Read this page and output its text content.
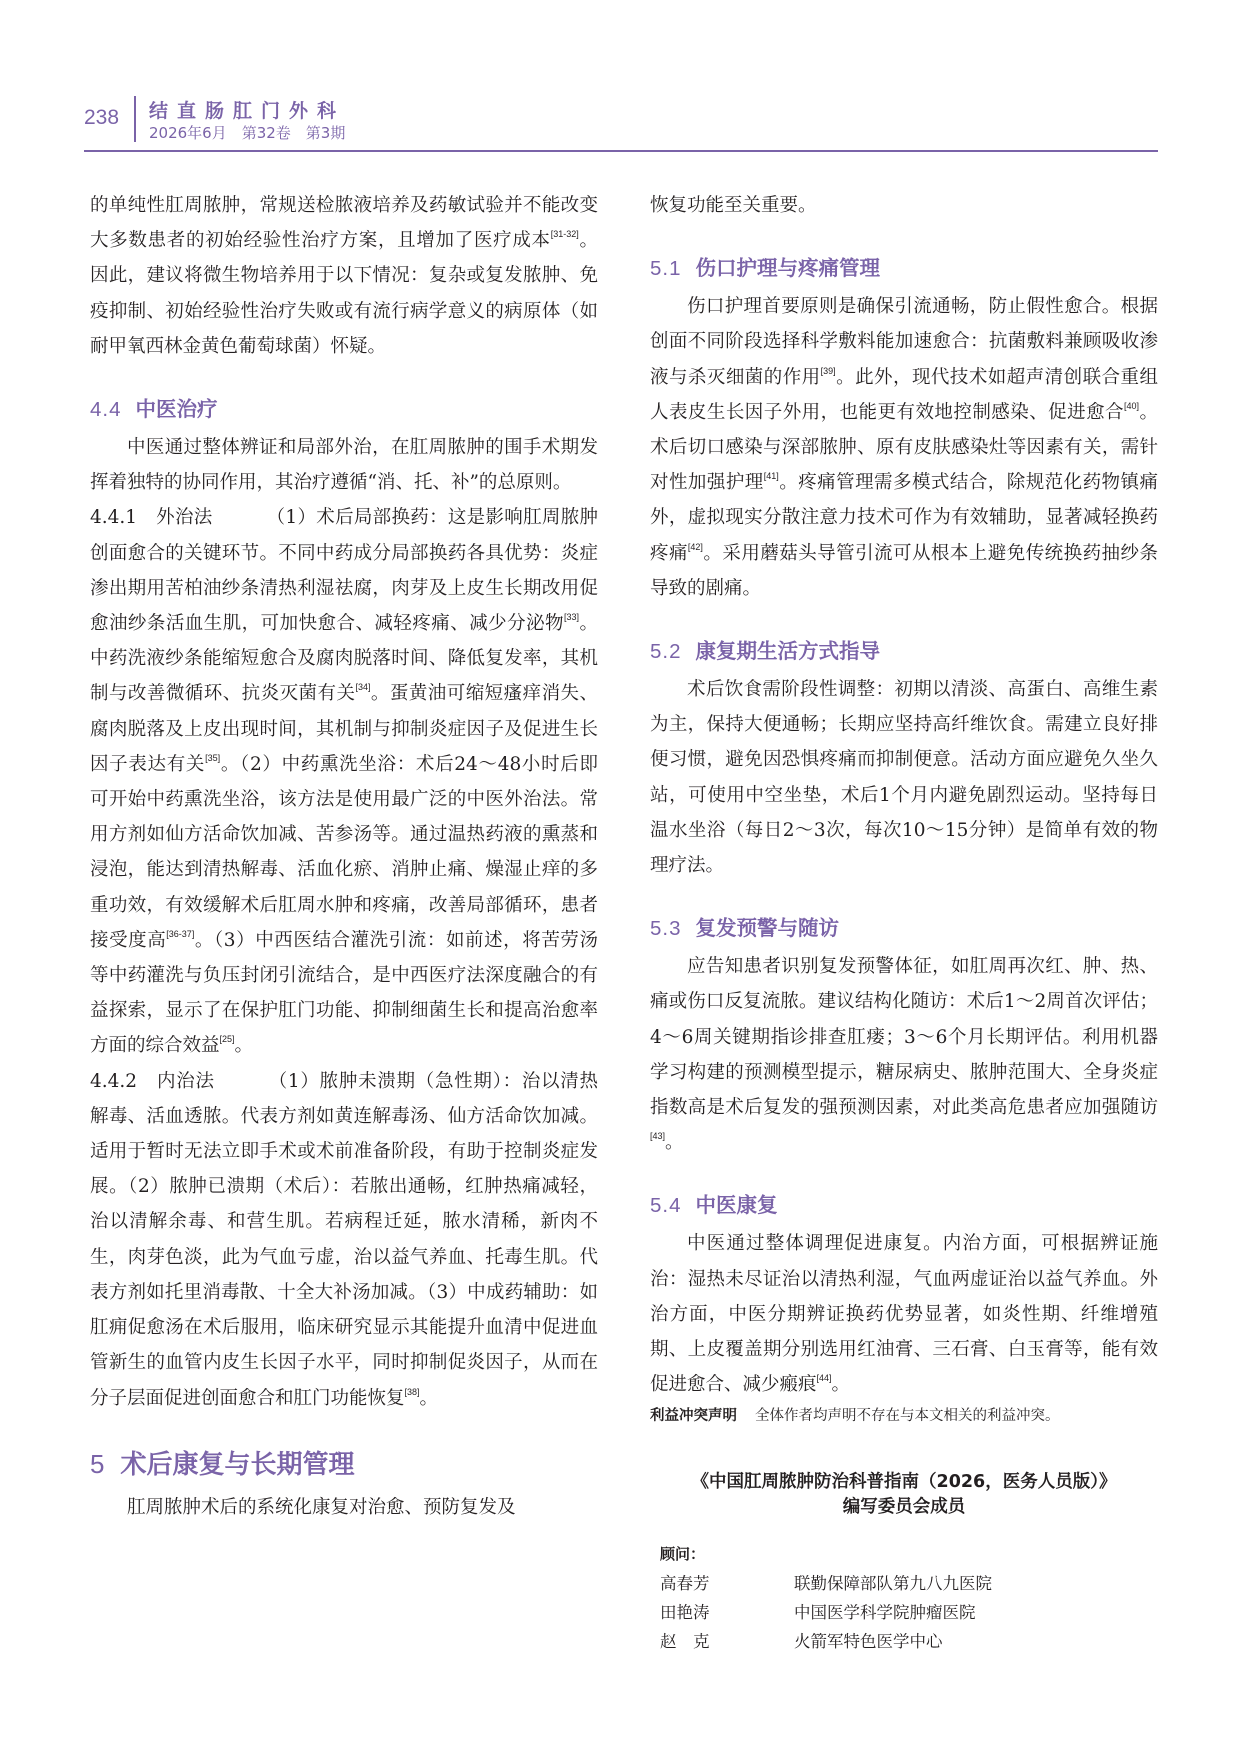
238 结直肠肛门外科
2026年6月　第32卷　第3期

的单纯性肛周脓肿，常规送检脓液培养及药敏试验并不能改变大多数患者的初始经验性治疗方案，且增加了医疗成本[31-32]。因此，建议将微生物培养用于以下情况：复杂或复发脓肿、免疫抑制、初始经验性治疗失败或有流行病学意义的病原体（如耐甲氧西林金黄色葡萄球菌）怀疑。

4.4 中医治疗

中医通过整体辨证和局部外治，在肛周脓肿的围手术期发挥着独特的协同作用，其治疗遵循“消、托、补”的总原则。

4.4.1　外治法	（1）术后局部换药：这是影响肛周脓肿创面愈合的关键环节。不同中药成分局部换药各具优势：炎症渗出期用苦柏油纱条清热利湿祛腐，肉芽及上皮生长期改用促愈油纱条活血生肌，可加快愈合、减轻疼痛、减少分泌物[33]。中药洗液纱条能缩短愈合及腐肉脱落时间、降低复发率，其机制与改善微循环、抗炎灭菌有关[34]。蛋黄油可缩短瘙痒消失、腐肉脱落及上皮出现时间，其机制与抑制炎症因子及促进生长因子表达有关[35]。（2）中药熏洗坐浴：术后24～48小时后即可开始中药熏洗坐浴，该方法是使用最广泛的中医外治法。常用方剂如仙方活命饮加减、苦参汤等。通过温热药液的熏蒸和浸泡，能达到清热解毒、活血化瘀、消肿止痛、燥湿止痒的多重功效，有效缓解术后肛周水肿和疼痛，改善局部循环，患者接受度高[36-37]。（3）中西医结合灌洗引流：如前述，将苦劳汤等中药灌洗与负压封闭引流结合，是中西医疗法深度融合的有益探索，显示了在保护肛门功能、抑制细菌生长和提高治愈率方面的综合效益[25]。

4.4.2　内治法	（1）脓肿未溃期（急性期）：治以清热解毒、活血透脓。代表方剂如黄连解毒汤、仙方活命饮加减。适用于暂时无法立即手术或术前准备阶段，有助于控制炎症发展。（2）脓肿已溃期（术后）：若脓出通畅，红肿热痛减轻，治以清解余毒、和营生肌。若病程迁延，脓水清稀，新肉不生，肉芽色淡，此为气血亏虚，治以益气养血、托毒生肌。代表方剂如托里消毒散、十全大补汤加减。（3）中成药辅助：如肛痈促愈汤在术后服用，临床研究显示其能提升血清中促进血管新生的血管内皮生长因子水平，同时抑制促炎因子，从而在分子层面促进创面愈合和肛门功能恢复[38]。

5 术后康复与长期管理

肛周脓肿术后的系统化康复对治愈、预防复发及

恢复功能至关重要。

5.1 伤口护理与疼痛管理

伤口护理首要原则是确保引流通畅，防止假性愈合。根据创面不同阶段选择科学敷料能加速愈合：抗菌敷料兼顾吸收渗液与杀灭细菌的作用[39]。此外，现代技术如超声清创联合重组人表皮生长因子外用，也能更有效地控制感染、促进愈合[40]。术后切口感染与深部脓肿、原有皮肤感染灶等因素有关，需针对性加强护理[41]。疼痛管理需多模式结合，除规范化药物镇痛外，虚拟现实分散注意力技术可作为有效辅助，显著减轻换药疼痛[42]。采用蘑菇头导管引流可从根本上避免传统换药抽纱条导致的剧痛。

5.2 康复期生活方式指导

术后饮食需阶段性调整：初期以清淡、高蛋白、高维生素为主，保持大便通畅；长期应坚持高纤维饮食。需建立良好排便习惯，避免因恐惧疼痛而抑制便意。活动方面应避免久坐久站，可使用中空坐垫，术后1个月内避免剧烈运动。坚持每日温水坐浴（每日2～3次，每次10～15分钟）是简单有效的物理疗法。

5.3 复发预警与随访

应告知患者识别复发预警体征，如肛周再次红、肿、热、痛或伤口反复流脓。建议结构化随访：术后1～2周首次评估；4～6周关键期指诊排查肛瘘；3～6个月长期评估。利用机器学习构建的预测模型提示，糖尿病史、脓肿范围大、全身炎症指数高是术后复发的强预测因素，对此类高危患者应加强随访[43]。

5.4 中医康复

中医通过整体调理促进康复。内治方面，可根据辨证施治：湿热未尽证治以清热利湿，气血两虚证治以益气养血。外治方面，中医分期辨证换药优势显著，如炎性期、纤维增殖期、上皮覆盖期分别选用红油膏、三石膏、白玉膏等，能有效促进愈合、减少瘢痕[44]。

利益冲突声明 全体作者均声明不存在与本文相关的利益冲突。
《中国肛周脓肿防治科普指南（2026，医务人员版）》
编写委员会成员
顾问：
高春芳	联勤保障部队第九八九医院
田艳涛	中国医学科学院肿瘤医院
赵　克	火箭军特色医学中心
